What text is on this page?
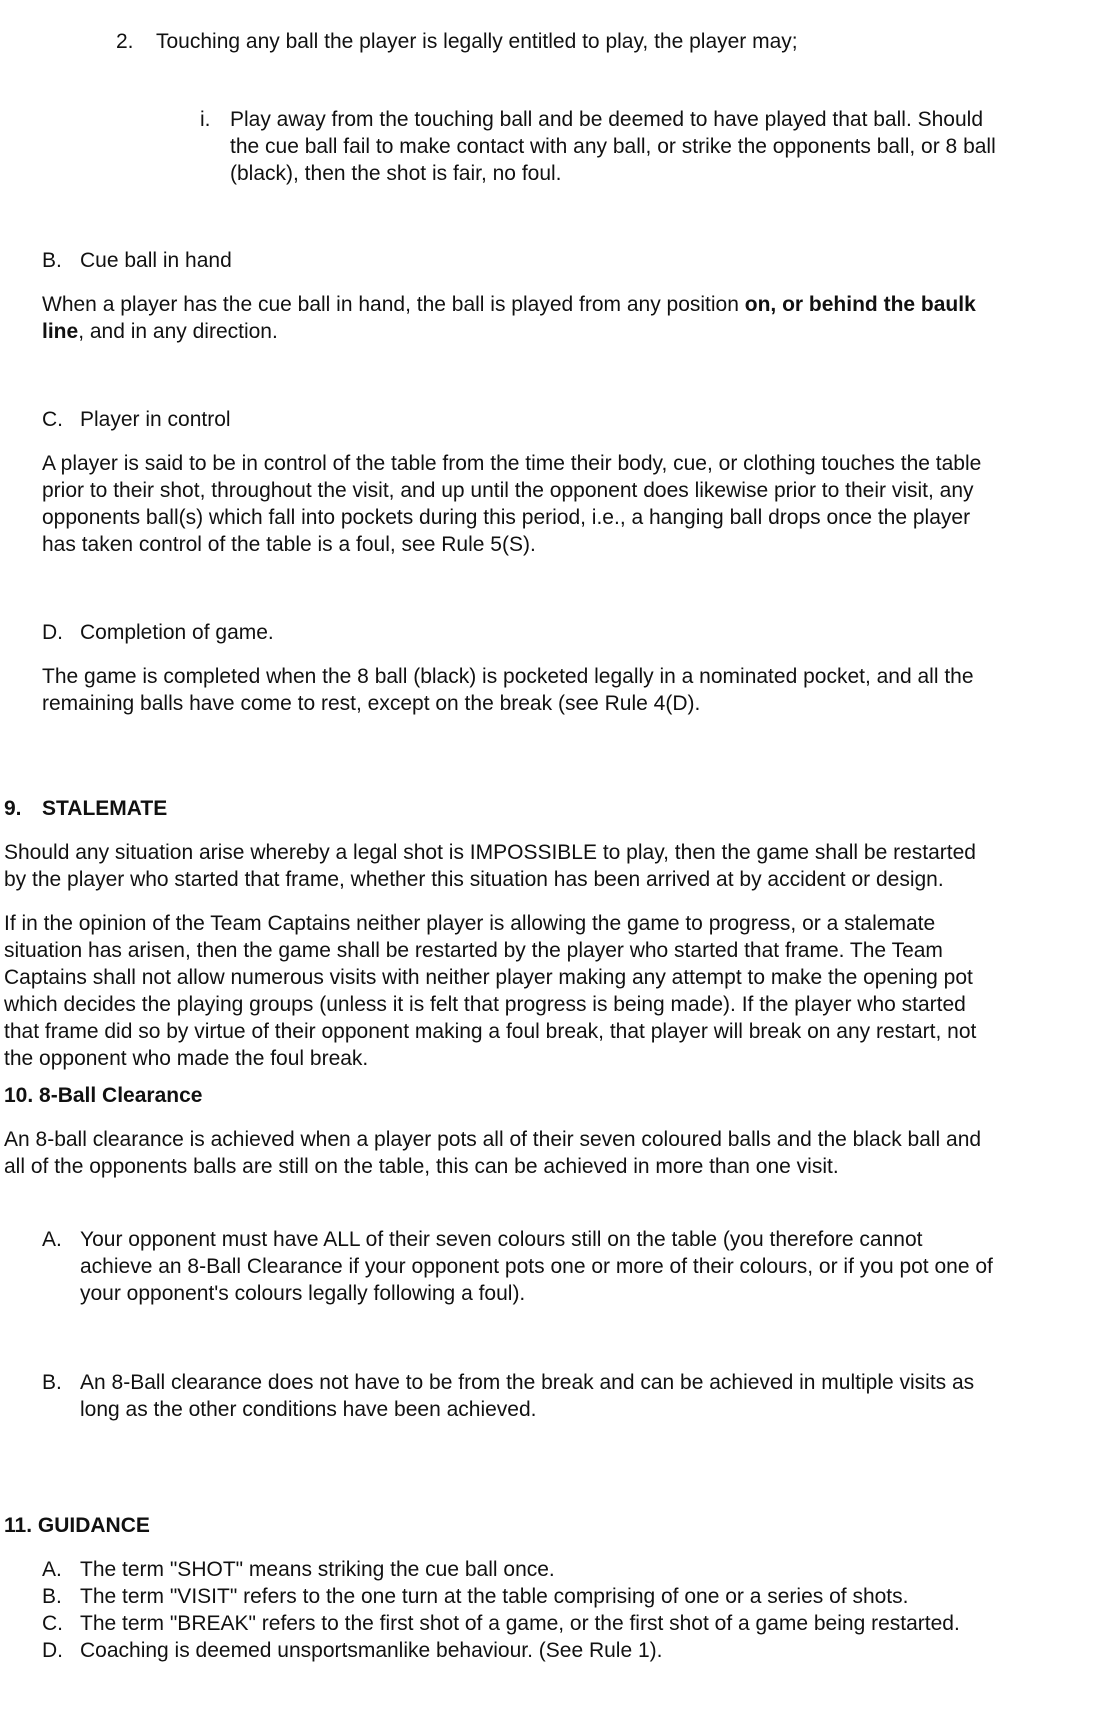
2. Touching any ball the player is legally entitled to play, the player may;
i. Play away from the touching ball and be deemed to have played that ball. Should
the cue ball fail to make contact with any ball, or strike the opponents ball, or 8 ball
(black), then the shot is fair, no foul.
B. Cue ball in hand
When a player has the cue ball in hand, the ball is played from any position on, or behind the baulk
line, and in any direction.
C. Player in control
A player is said to be in control of the table from the time their body, cue, or clothing touches the table
prior to their shot, throughout the visit, and up until the opponent does likewise prior to their visit, any
opponents ball(s) which fall into pockets during this period, i.e., a hanging ball drops once the player
has taken control of the table is a foul, see Rule 5(S).
D. Completion of game.
The game is completed when the 8 ball (black) is pocketed legally in a nominated pocket, and all the
remaining balls have come to rest, except on the break (see Rule 4(D).
9. STALEMATE
Should any situation arise whereby a legal shot is IMPOSSIBLE to play, then the game shall be restarted
by the player who started that frame, whether this situation has been arrived at by accident or design.
If in the opinion of the Team Captains neither player is allowing the game to progress, or a stalemate
situation has arisen, then the game shall be restarted by the player who started that frame. The Team
Captains shall not allow numerous visits with neither player making any attempt to make the opening pot
which decides the playing groups (unless it is felt that progress is being made). If the player who started
that frame did so by virtue of their opponent making a foul break, that player will break on any restart, not
the opponent who made the foul break.
10. 8-Ball Clearance
An 8-ball clearance is achieved when a player pots all of their seven coloured balls and the black ball and
all of the opponents balls are still on the table, this can be achieved in more than one visit.
A. Your opponent must have ALL of their seven colours still on the table (you therefore cannot
achieve an 8-Ball Clearance if your opponent pots one or more of their colours, or if you pot one of
your opponent's colours legally following a foul).
B. An 8-Ball clearance does not have to be from the break and can be achieved in multiple visits as
long as the other conditions have been achieved.
11. GUIDANCE
A. The term "SHOT" means striking the cue ball once.
B. The term "VISIT" refers to the one turn at the table comprising of one or a series of shots.
C. The term "BREAK" refers to the first shot of a game, or the first shot of a game being restarted.
D. Coaching is deemed unsportsmanlike behaviour. (See Rule 1).
